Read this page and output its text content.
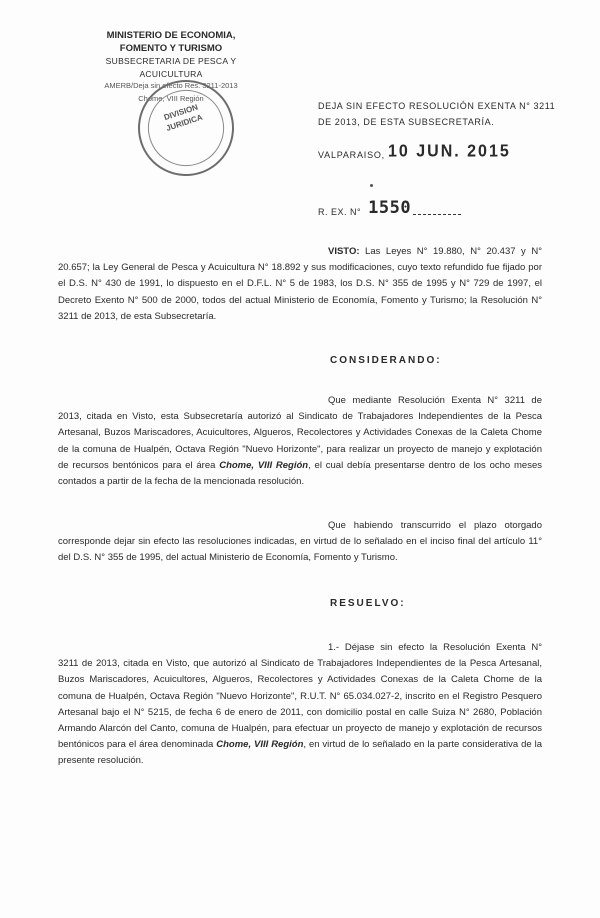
MINISTERIO DE ECONOMIA,
FOMENTO Y TURISMO
SUBSECRETARIA DE PESCA Y ACUICULTURA
AMERB/Deja sin efecto Res. 3211-2013
Chome, VIII Región
DIVISION JURIDICA
DEJA SIN EFECTO RESOLUCIÓN EXENTA N° 3211
DE 2013, DE ESTA SUBSECRETARÍA.
VALPARAISO, 10 JUN. 2015
R. EX. N° 1550
VISTO: Las Leyes N° 19.880, N° 20.437 y N° 20.657; la Ley General de Pesca y Acuicultura N° 18.892 y sus modificaciones, cuyo texto refundido fue fijado por el D.S. N° 430 de 1991, lo dispuesto en el D.F.L. N° 5 de 1983, los D.S. N° 355 de 1995 y N° 729 de 1997, el Decreto Exento N° 500 de 2000, todos del actual Ministerio de Economía, Fomento y Turismo; la Resolución N° 3211 de 2013, de esta Subsecretaría.
CONSIDERANDO:
Que mediante Resolución Exenta N° 3211 de 2013, citada en Visto, esta Subsecretaría autorizó al Sindicato de Trabajadores Independientes de la Pesca Artesanal, Buzos Mariscadores, Acuicultores, Algueros, Recolectores y Actividades Conexas de la Caleta Chome de la comuna de Hualpén, Octava Región "Nuevo Horizonte", para realizar un proyecto de manejo y explotación de recursos bentónicos para el área Chome, VIII Región, el cual debía presentarse dentro de los ocho meses contados a partir de la fecha de la mencionada resolución.
Que habiendo transcurrido el plazo otorgado corresponde dejar sin efecto las resoluciones indicadas, en virtud de lo señalado en el inciso final del artículo 11° del D.S. N° 355 de 1995, del actual Ministerio de Economía, Fomento y Turismo.
RESUELVO:
1.- Déjase sin efecto la Resolución Exenta N° 3211 de 2013, citada en Visto, que autorizó al Sindicato de Trabajadores Independientes de la Pesca Artesanal, Buzos Mariscadores, Acuicultores, Algueros, Recolectores y Actividades Conexas de la Caleta Chome de la comuna de Hualpén, Octava Región "Nuevo Horizonte", R.U.T. N° 65.034.027-2, inscrito en el Registro Pesquero Artesanal bajo el N° 5215, de fecha 6 de enero de 2011, con domicilio postal en calle Suiza N° 2680, Población Armando Alarcón del Canto, comuna de Hualpén, para efectuar un proyecto de manejo y explotación de recursos bentónicos para el área denominada Chome, VIII Región, en virtud de lo señalado en la parte considerativa de la presente resolución.
